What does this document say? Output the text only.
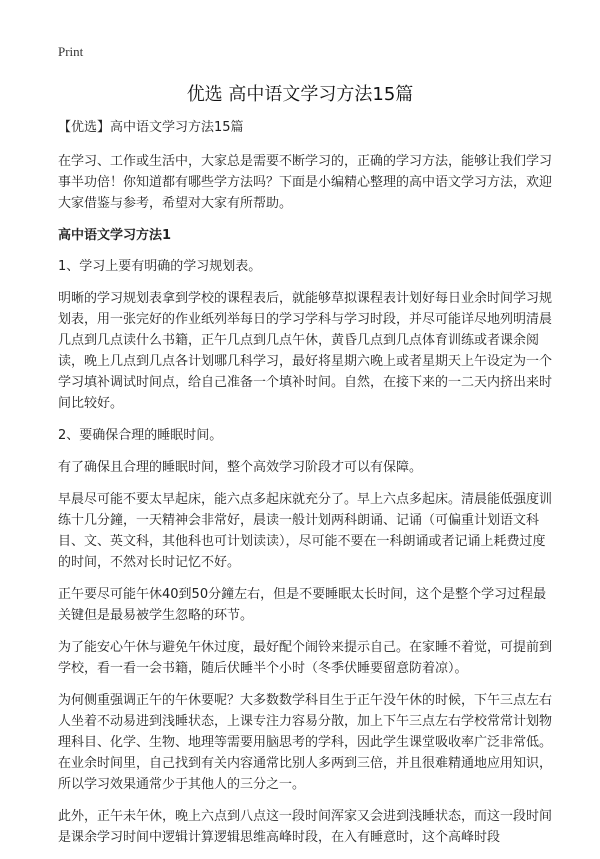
Print
优选 高中语文学习方法15篇

【优选】高中语文学习方法15篇

在学习、工作或生活中，大家总是需要不断学习的，正确的学习方法，能够让我们学习事半功倍！你知道都有哪些学方法吗？下面是小编精心整理的高中语文学习方法，欢迎大家借鉴与参考，希望对大家有所帮助。

高中语文学习方法1

1、学习上要有明确的学习规划表。

明晰的学习规划表拿到学校的课程表后，就能够草拟课程表计划好每日业余时间学习规划表，用一张完好的作业纸列举每日的学习学科与学习时段，并尽可能详尽地列明清晨几点到几点读什么书籍，正午几点到几点午休，黄昏几点到几点体育训练或者课余阅读，晚上几点到几点各计划哪几科学习，最好将星期六晚上或者星期天上午设定为一个学习填补调试时间点，给自己准备一个填补时间。自然，在接下来的一二天内挤出来时间比较好。

2、要确保合理的睡眠时间。

有了确保且合理的睡眠时间，整个高效学习阶段才可以有保障。

早晨尽可能不要太早起床，能六点多起床就充分了。早上六点多起床。清晨能低强度训练十几分鐘，一天精神会非常好，晨读一般计划两科朗诵、记诵（可偏重计划语文科目、文、英文科，其他科也可计划读读），尽可能不要在一科朗诵或者记诵上耗费过度的时间，不然对长时记忆不好。

正午要尽可能午休40到50分鐘左右，但是不要睡眠太长时间，这个是整个学习过程最关键但是最易被学生忽略的环节。

为了能安心午休与避免午休过度，最好配个闹铃来提示自己。在家睡不着觉，可提前到学校，看一看一会书籍，随后伏睡半个小时（冬季伏睡要留意防着凉）。

为何侧重强调正午的午休要呢？大多数数学科目生于正午没午休的时候，下午三点左右人坐着不动易进到浅睡状态，上课专注力容易分散，加上下午三点左右学校常常计划物理科目、化学、生物、地理等需要用脑思考的学科，因此学生课堂吸收率广泛非常低。在业余时间里，自己找到有关内容通常比别人多两到三倍，并且很难精通地应用知识，所以学习效果通常少于其他人的三分之一。

此外，正午未午休，晚上六点到八点这一段时间浑家又会进到浅睡状态，而这一段时间是课余学习时间中逻辑计算逻辑思维高峰时段，在入有睡意时，这个高峰时段
